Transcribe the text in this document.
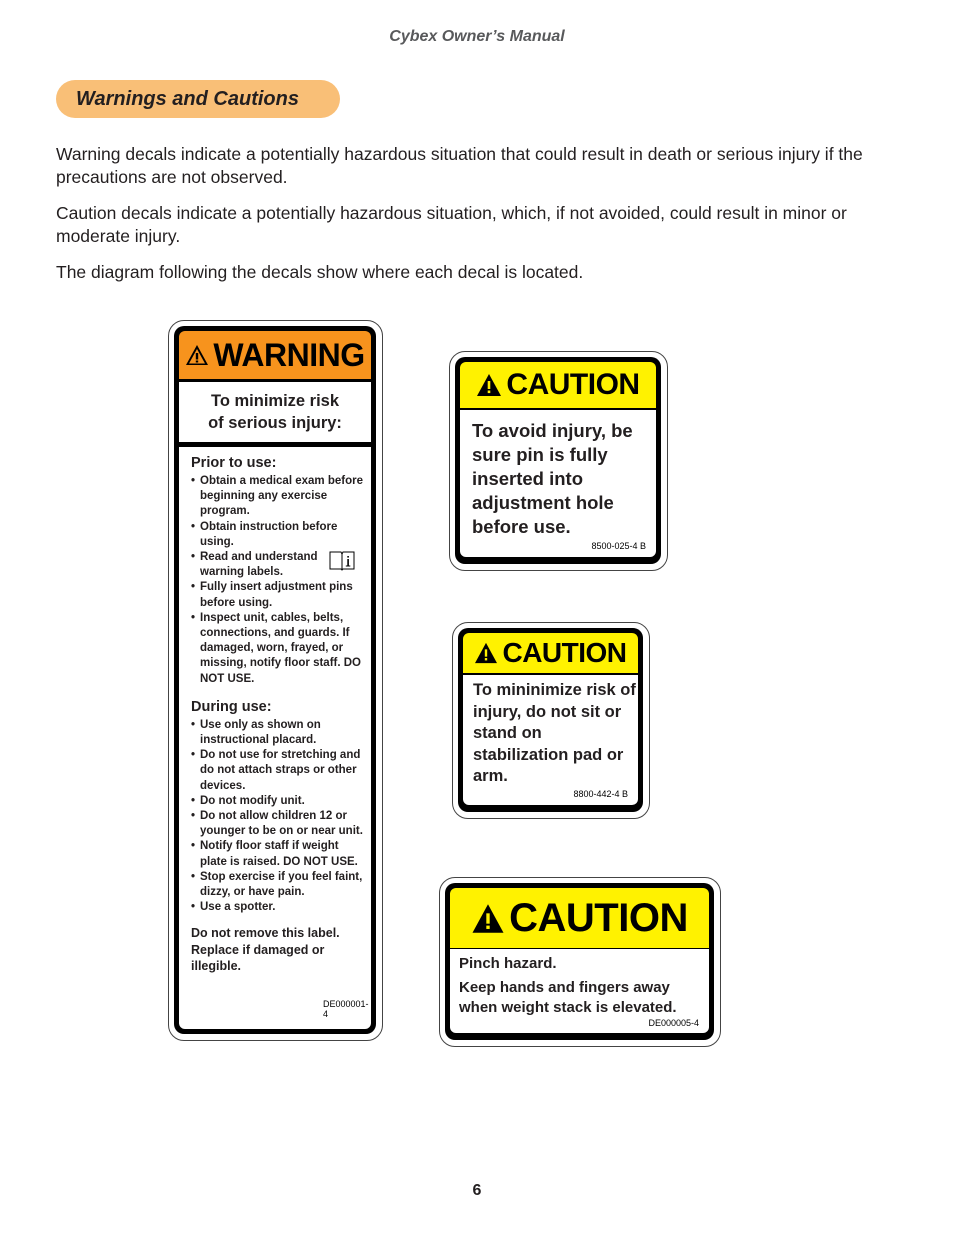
Cybex Owner’s Manual
Warnings and Cautions

Warning decals indicate a potentially hazardous situation that could result in death or serious injury if the precautions are not observed.

Caution decals indicate a potentially hazardous situation, which, if not avoided, could result in minor or moderate injury.

The diagram following the decals show where each decal is located.

WARNING
To minimize risk
of serious injury:
Prior to use:

• Obtain a medical exam before beginning any exercise program.

• Obtain instruction before using.

• Read and understand warning labels.

• Fully insert adjustment pins before using.

• Inspect unit, cables, belts, connections, and guards. If damaged, worn, frayed, or missing, notify floor staff. DO NOT USE.

During use:

• Use only as shown on instructional placard.

• Do not use for stretching and do not attach straps or other devices.

• Do not modify unit.

• Do not allow children 12 or younger to be on or near unit.

• Notify floor staff if weight plate is raised. DO NOT USE.

• Stop exercise if you feel faint, dizzy, or have pain.

• Use a spotter.

Do not remove this label. Replace if damaged or illegible.
DE000001-4
CAUTION
To avoid injury, be sure pin is fully inserted into adjustment hole before use.
8500-025-4 B
CAUTION
To mininimize risk of injury, do not sit or stand on stabilization pad or arm.
8800-442-4 B
CAUTION
Pinch hazard.
Keep hands and fingers away when weight stack is elevated.
DE000005-4
6
